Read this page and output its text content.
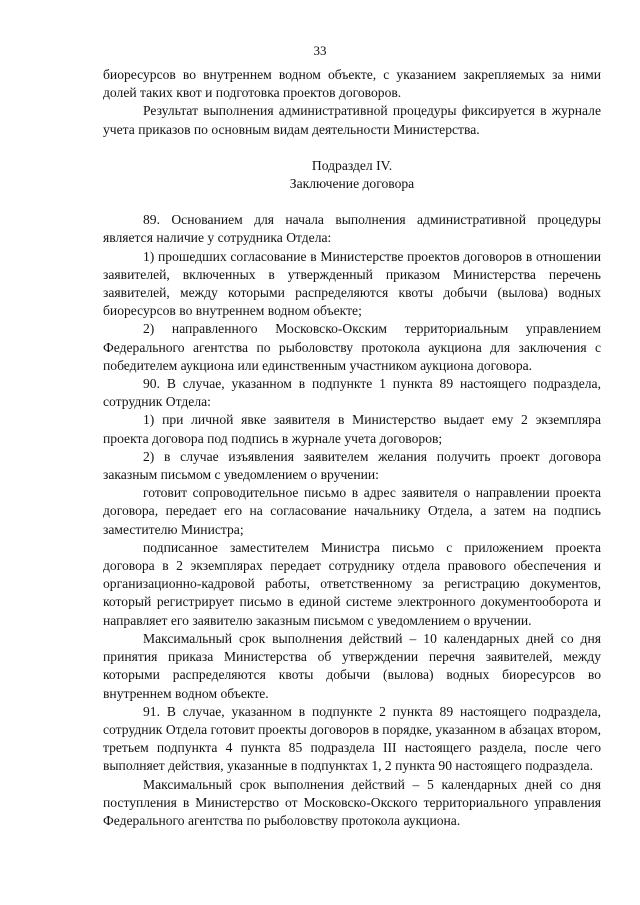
33

биоресурсов во внутреннем водном объекте, с указанием закрепляемых за ними долей таких квот и подготовка проектов договоров.

Результат выполнения административной процедуры фиксируется в журнале учета приказов по основным видам деятельности Министерства.

Подраздел IV.

Заключение договора

89. Основанием для начала выполнения административной процедуры является наличие у сотрудника Отдела:

1) прошедших согласование в Министерстве проектов договоров в отношении заявителей, включенных в утвержденный приказом Министерства перечень заявителей, между которыми распределяются квоты добычи (вылова) водных биоресурсов во внутреннем водном объекте;

2) направленного Московско-Окским территориальным управлением Федерального агентства по рыболовству протокола аукциона для заключения с победителем аукциона или единственным участником аукциона договора.

90. В случае, указанном в подпункте 1 пункта 89 настоящего подраздела, сотрудник Отдела:

1) при личной явке заявителя в Министерство выдает ему 2 экземпляра проекта договора под подпись в журнале учета договоров;

2) в случае изъявления заявителем желания получить проект договора заказным письмом с уведомлением о вручении:

готовит сопроводительное письмо в адрес заявителя о направлении проекта договора, передает его на согласование начальнику Отдела, а затем на подпись заместителю Министра;

подписанное заместителем Министра письмо с приложением проекта договора в 2 экземплярах передает сотруднику отдела правового обеспечения и организационно-кадровой работы, ответственному за регистрацию документов, который регистрирует письмо в единой системе электронного документооборота и направляет его заявителю заказным письмом с уведомлением о вручении.

Максимальный срок выполнения действий – 10 календарных дней со дня принятия приказа Министерства об утверждении перечня заявителей, между которыми распределяются квоты добычи (вылова) водных биоресурсов во внутреннем водном объекте.

91. В случае, указанном в подпункте 2 пункта 89 настоящего подраздела, сотрудник Отдела готовит проекты договоров в порядке, указанном в абзацах втором, третьем подпункта 4 пункта 85 подраздела III настоящего раздела, после чего выполняет действия, указанные в подпунктах 1, 2 пункта 90 настоящего подраздела.

Максимальный срок выполнения действий – 5 календарных дней со дня поступления в Министерство от Московско-Окского территориального управления Федерального агентства по рыболовству протокола аукциона.
